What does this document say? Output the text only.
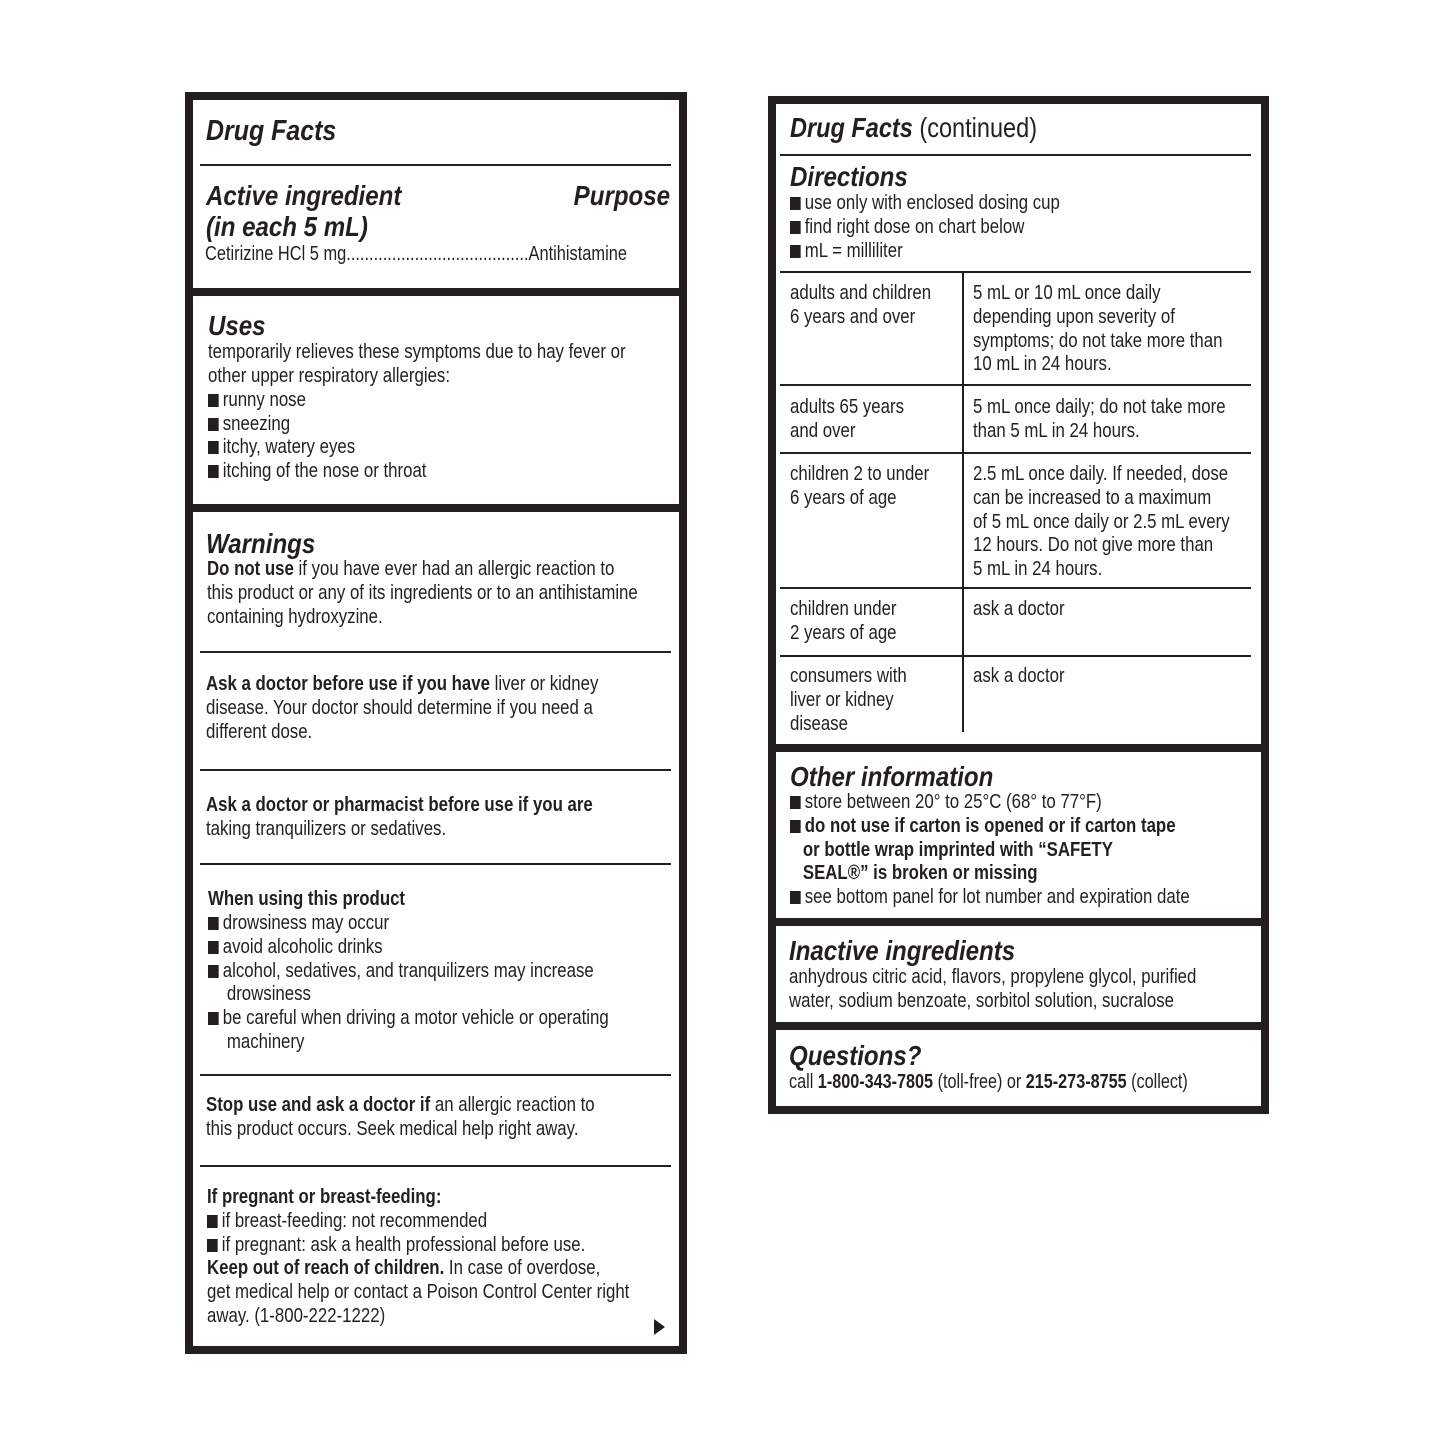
Drug Facts
Active ingredient	Purpose
(in each 5 mL)
Cetirizine HCl 5 mg........................................Antihistamine
Uses
temporarily relieves these symptoms due to hay fever or
other upper respiratory allergies:
runny nose
sneezing
itchy, watery eyes
itching of the nose or throat
Warnings
Do not use if you have ever had an allergic reaction to
this product or any of its ingredients or to an antihistamine
containing hydroxyzine.
Ask a doctor before use if you have liver or kidney
disease. Your doctor should determine if you need a
different dose.
Ask a doctor or pharmacist before use if you are
taking tranquilizers or sedatives.
When using this product
drowsiness may occur
avoid alcoholic drinks
alcohol, sedatives, and tranquilizers may increase
drowsiness
be careful when driving a motor vehicle or operating
machinery
Stop use and ask a doctor if an allergic reaction to
this product occurs. Seek medical help right away.
If pregnant or breast-feeding:
if breast-feeding: not recommended
if pregnant: ask a health professional before use.
Keep out of reach of children. In case of overdose,
get medical help or contact a Poison Control Center right
away. (1-800-222-1222)
Drug Facts (continued)
Directions
use only with enclosed dosing cup
find right dose on chart below
mL = milliliter
adults and children
6 years and over
5 mL or 10 mL once daily
depending upon severity of
symptoms; do not take more than
10 mL in 24 hours.
adults 65 years
and over
5 mL once daily; do not take more
than 5 mL in 24 hours.
children 2 to under
6 years of age
2.5 mL once daily. If needed, dose
can be increased to a maximum
of 5 mL once daily or 2.5 mL every
12 hours. Do not give more than
5 mL in 24 hours.
children under
2 years of age
ask a doctor
consumers with
liver or kidney
disease
ask a doctor
Other information
store between 20° to 25°C (68° to 77°F)
do not use if carton is opened or if carton tape
or bottle wrap imprinted with “SAFETY
SEAL®” is broken or missing
see bottom panel for lot number and expiration date
Inactive ingredients
anhydrous citric acid, flavors, propylene glycol, purified
water, sodium benzoate, sorbitol solution, sucralose
Questions?
call 1-800-343-7805 (toll-free) or 215-273-8755 (collect)
